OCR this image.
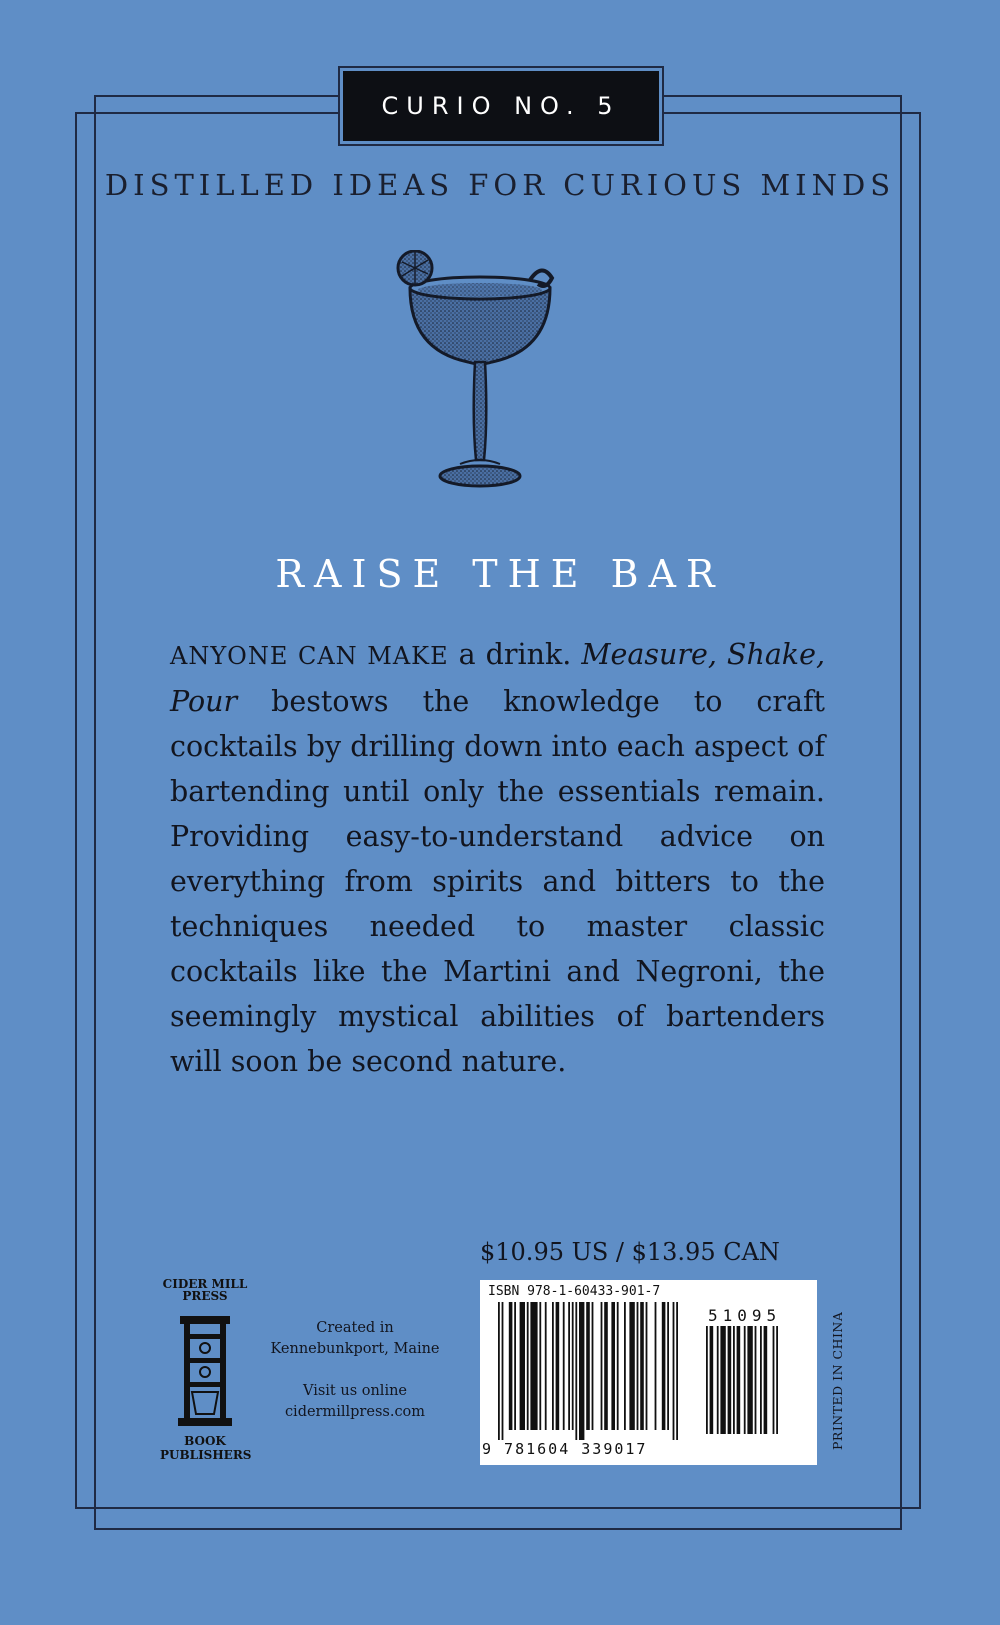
CURIO NO. 5
DISTILLED IDEAS FOR CURIOUS MINDS
RAISE THE BAR
ANYONE CAN MAKE a drink. Measure, Shake, Pour bestows the knowledge to craft cocktails by drilling down into each aspect of bartending until only the essentials remain. Providing easy-to-understand advice on everything from spirits and bitters to the techniques needed to master classic cocktails like the Martini and Negroni, the seemingly mystical abilities of bartenders will soon be second nature.
$10.95 US / $13.95 CAN
ISBN 978-1-60433-901-7
51095
9 781604 339017	PRINTED IN CHINA
CIDER MILL PRESS
BOOK
PUBLISHERS
Created in
Kennebunkport, Maine
Visit us online
cidermillpress.com
